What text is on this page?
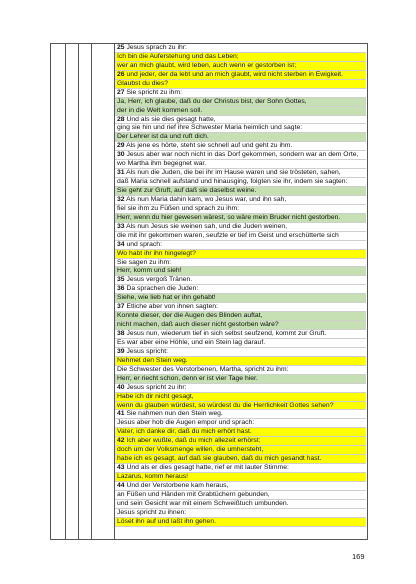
25 Jesus sprach zu ihr:
Ich bin die Auferstehung und das Leben;
wer an mich glaubt, wird leben, auch wenn er gestorben ist;
26 und jeder, der da lebt und an mich glaubt, wird nicht sterben in Ewigkeit.
Glaubst du dies?
27 Sie spricht zu ihm:
Ja, Herr, ich glaube, daß du der Christus bist, der Sohn Gottes,
der in die Welt kommen soll.
28 Und als sie dies gesagt hatte,
ging sie hin und rief ihre Schwester Maria heimlich und sagte:
Der Lehrer ist da und ruft dich.
29 Als jene es hörte, steht sie schnell auf und geht zu ihm.
30 Jesus aber war noch nicht in das Dorf gekommen, sondern war an dem Orte,
wo Martha ihm begegnet war.
31 Als nun die Juden, die bei ihr im Hause waren und sie trösteten, sahen,
daß Maria schnell aufstand und hinausging, folgten sie ihr, indem sie sagten:
Sie geht zur Gruft, auf daß sie daselbst weine.
32 Als nun Maria dahin kam, wo Jesus war, und ihn sah,
fiel sie ihm zu Füßen und sprach zu ihm:
Herr, wenn du hier gewesen wärest, so wäre mein Bruder nicht gestorben.
33 Als nun Jesus sie weinen sah, und die Juden weinen,
die mit ihr gekommen waren, seufzte er tief im Geist und erschütterte sich
34 und sprach:
Wo habt ihr ihn hingelegt?
Sie sagen zu ihm:
Herr, komm und sieh!
35 Jesus vergoß Tränen.
36 Da sprachen die Juden:
Siehe, wie lieb hat er ihn gehabt!
37 Etliche aber von ihnen sagten:
Konnte dieser, der die Augen des Blinden auftat,
nicht machen, daß auch dieser nicht gestorben wäre?
38 Jesus nun, wiederum tief in sich selbst seufzend, kommt zur Gruft.
Es war aber eine Höhle, und ein Stein lag darauf.
39 Jesus spricht:
Nehmet den Stein weg.
Die Schwester des Verstorbenen, Martha, spricht zu ihm:
Herr, er riecht schon, denn er ist vier Tage hier.
40 Jesus spricht zu ihr:
Habe ich dir nicht gesagt,
wenn du glauben würdest, so würdest du die Herrlichkeit Gottes sehen?
41 Sie nahmen nun den Stein weg.
Jesus aber hob die Augen empor und sprach:
Vater, ich danke dir, daß du mich erhört hast.
42 Ich aber wußte, daß du mich allezeit erhörst;
doch um der Volksmenge willen, die umhersteht,
habe ich es gesagt, auf daß sie glauben, daß du mich gesandt hast.
43 Und als er dies gesagt hatte, rief er mit lauter Stimme:
Lazarus, komm heraus!
44 Und der Verstorbene kam heraus,
an Füßen und Händen mit Grabtüchern gebunden,
und sein Gesicht war mit einem Schweißtuch umbunden.
Jesus spricht zu ihnen:
Löset ihn auf und laßt ihn gehen.
169
